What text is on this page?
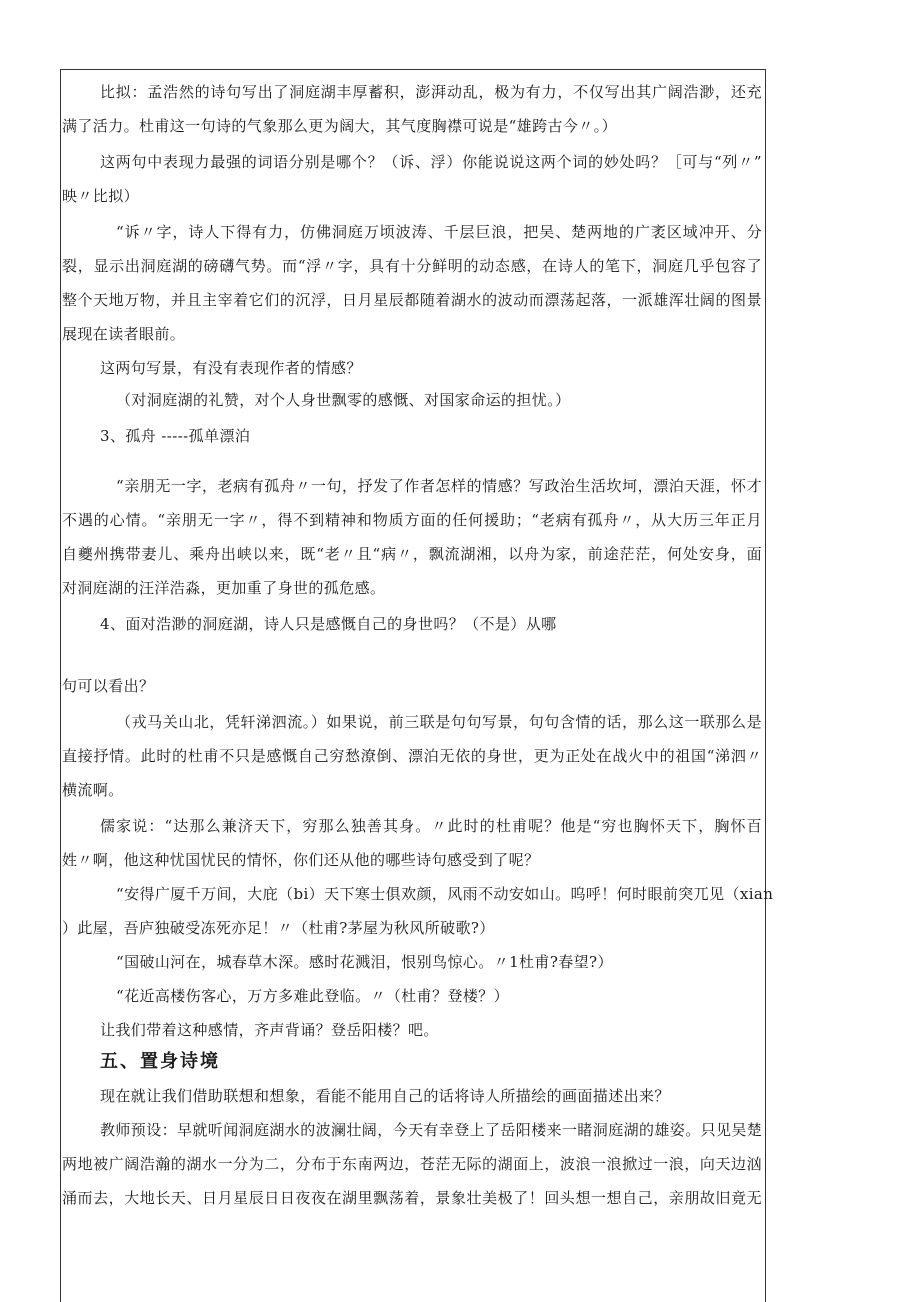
比拟：孟浩然的诗句写出了洞庭湖丰厚蓄积，澎湃动乱，极为有力，不仅写出其广阔浩渺，还充
满了活力。杜甫这一句诗的气象那么更为阔大，其气度胸襟可说是“雄跨古今〃。）
这两句中表现力最强的词语分别是哪个？（诉、浮）你能说说这两个词的妙处吗？［可与“列〃”
映〃比拟）
“诉〃字，诗人下得有力，仿佛洞庭万顷波涛、千层巨浪，把吴、楚两地的广袤区域冲开、分
裂，显示出洞庭湖的磅礴气势。而“浮〃字，具有十分鲜明的动态感，在诗人的笔下，洞庭几乎包容了
整个天地万物，并且主宰着它们的沉浮，日月星辰都随着湖水的波动而漂荡起落，一派雄浑壮阔的图景
展现在读者眼前。
这两句写景，有没有表现作者的情感？
（对洞庭湖的礼赞，对个人身世飘零的感慨、对国家命运的担忧。）
3、孤舟 -----孤单漂泊
“亲朋无一字，老病有孤舟〃一句，抒发了作者怎样的情感？写政治生活坎坷，漂泊天涯，怀才
不遇的心情。“亲朋无一字〃，得不到精神和物质方面的任何援助；“老病有孤舟〃，从大历三年正月
自夔州携带妻儿、乘舟出峡以来，既“老〃且“病〃，飘流湖湘，以舟为家，前途茫茫，何处安身，面
对洞庭湖的汪洋浩淼，更加重了身世的孤危感。
4、面对浩渺的洞庭湖，诗人只是感慨自己的身世吗？（不是）从哪
句可以看出？
（戎马关山北，凭轩涕泗流。）如果说，前三联是句句写景，句句含情的话，那么这一联那么是
直接抒情。此时的杜甫不只是感慨自己穷愁潦倒、漂泊无依的身世，更为正处在战火中的祖国“涕泗〃
横流啊。
儒家说：“达那么兼济天下，穷那么独善其身。〃此时的杜甫呢？他是“穷也胸怀天下，胸怀百
姓〃啊，他这种忧国忧民的情怀，你们还从他的哪些诗句感受到了呢？
“安得广厦千万间，大庇（bi）天下寒士俱欢颜，风雨不动安如山。呜呼！何时眼前突兀见（xian
）此屋，吾庐独破受冻死亦足！〃（杜甫?茅屋为秋风所破歌?）
“国破山河在，城春草木深。感时花溅泪，恨别鸟惊心。〃1杜甫?春望?）
“花近高楼伤客心，万方多难此登临。〃（杜甫？登楼？）
让我们带着这种感情，齐声背诵？登岳阳楼？吧。
五、置身诗境
现在就让我们借助联想和想象，看能不能用自己的话将诗人所描绘的画面描述出来？
教师预设：早就听闻洞庭湖水的波澜壮阔，今天有幸登上了岳阳楼来一睹洞庭湖的雄姿。只见吴楚
两地被广阔浩瀚的湖水一分为二，分布于东南两边，苍茫无际的湖面上，波浪一浪掀过一浪，向天边汹
涌而去，大地长天、日月星辰日日夜夜在湖里飘荡着，景象壮美极了！回头想一想自己，亲朋故旧竟无
